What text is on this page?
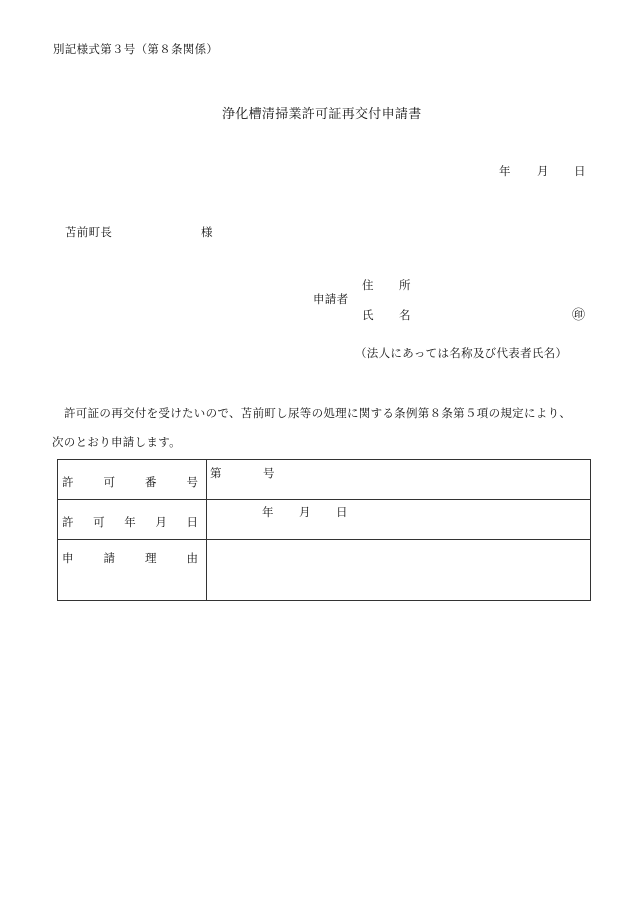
別記様式第３号（第８条関係）
浄化槽清掃業許可証再交付申請書
年 月 日
苫前町長	様
住 所
申請者
氏 名	㊞
（法人にあっては名称及び代表者氏名）
許可証の再交付を受けたいので、苫前町し尿等の処理に関する条例第８条第５項の規定により、
次のとおり申請します。
許 可 番 号	第 号

許 可 年 月 日	年 月 日

申 請 理 由	
